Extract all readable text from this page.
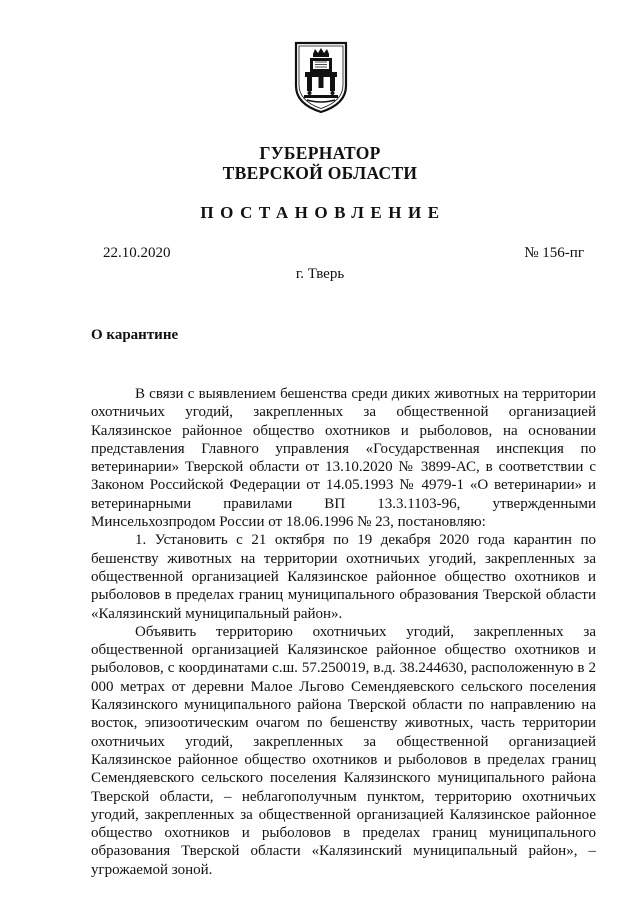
ГУБЕРНАТОР
ТВЕРСКОЙ ОБЛАСТИ
ПОСТАНОВЛЕНИЕ
22.10.2020	№ 156-пг
г. Тверь
О карантине

В связи с выявлением бешенства среди диких животных на территории охотничьих угодий, закрепленных за общественной организацией Калязинское районное общество охотников и рыболовов, на основании представления Главного управления «Государственная инспекция по ветеринарии» Тверской области от 13.10.2020 № 3899-АС, в соответствии с Законом Российской Федерации от 14.05.1993 № 4979-1 «О ветеринарии» и ветеринарными правилами ВП 13.3.1103-96, утвержденными Минсельхозпродом России от 18.06.1996 № 23, постановляю:

1. Установить с 21 октября по 19 декабря 2020 года карантин по бешенству животных на территории охотничьих угодий, закрепленных за общественной организацией Калязинское районное общество охотников и рыболовов в пределах границ муниципального образования Тверской области «Калязинский муниципальный район».

Объявить территорию охотничьих угодий, закрепленных за общественной организацией Калязинское районное общество охотников и рыболовов, с координатами с.ш. 57.250019, в.д. 38.244630, расположенную в 2 000 метрах от деревни Малое Льгово Семендяевского сельского поселения Калязинского муниципального района Тверской области по направлению на восток, эпизоотическим очагом по бешенству животных, часть территории охотничьих угодий, закрепленных за общественной организацией Калязинское районное общество охотников и рыболовов в пределах границ Семендяевского сельского поселения Калязинского муниципального района Тверской области, – неблагополучным пунктом, территорию охотничьих угодий, закрепленных за общественной организацией Калязинское районное общество охотников и рыболовов в пределах границ муниципального образования Тверской области «Калязинский муниципальный район», – угрожаемой зоной.
